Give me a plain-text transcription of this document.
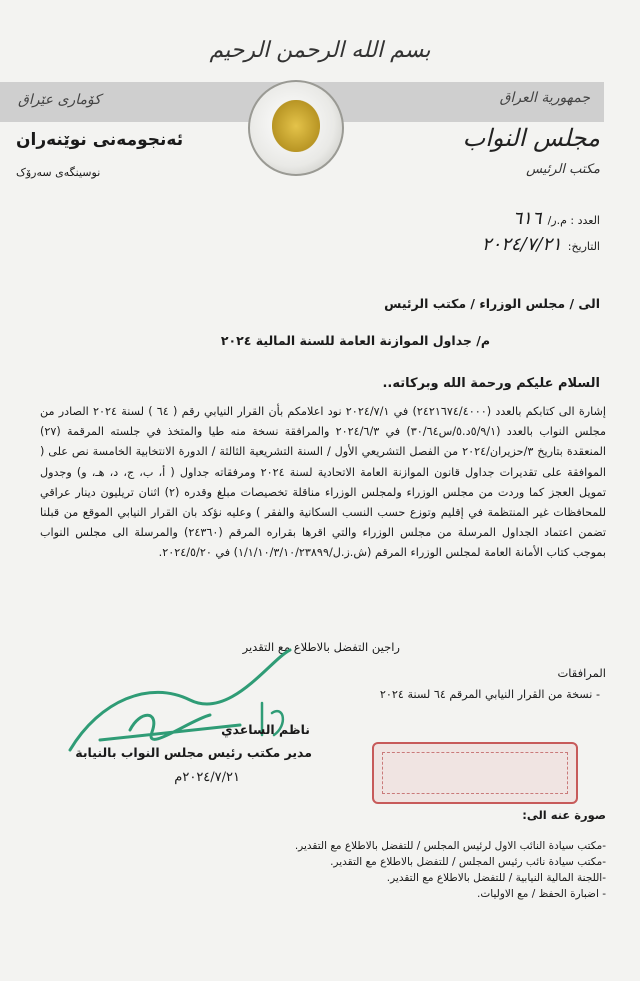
بسم الله الرحمن الرحيم
كۆماری عێراق	جمهورية العراق
ئەنجومەنی نوێنەران
نوسینگەی سەرۆک
مجلس النواب
مكتب الرئيس
العدد : م.ر/٦١٦
التاريخ:٢٠٢٤/٧/٢١
الى / مجلس الوزراء / مكتب الرئيس
م/ جداول الموازنة العامة للسنة المالية ٢٠٢٤
السلام عليكم ورحمة الله وبركاته..
إشارة الى كتابكم بالعدد (٢٤٢١٦٧٤/٤٠٠٠) في ٢٠٢٤/٧/١ نود اعلامكم بأن القرار النيابي رقم ( ٦٤ ) لسنة ٢٠٢٤ الصادر من مجلس النواب بالعدد (٥/٩/١د.٥/س٣٠/٦٤) في ٢٠٢٤/٦/٣ والمرافقة نسخة منه طيا والمتخذ في جلسته المرقمة (٢٧) المنعقدة بتاريخ ٣/حزيران/٢٠٢٤ من الفصل التشريعي الأول / السنة التشريعية الثالثة / الدورة الانتخابية الخامسة نص على ( الموافقة على تقديرات جداول قانون الموازنة العامة الاتحادية لسنة ٢٠٢٤ ومرفقاته جداول ( أ، ب، ج، د، هـ، و) وجدول تمويل العجز كما وردت من مجلس الوزراء ولمجلس الوزراء مناقلة تخصيصات مبلغ وقدره (٢) اثنان تريليون دينار عراقي للمحافظات غير المنتظمة في إقليم وتوزع حسب النسب السكانية والفقر ) وعليه نؤكد بان القرار النيابي الموقع من قبلنا تضمن اعتماد الجداول المرسلة من مجلس الوزراء والتي اقرها بقراره المرقم (٢٤٣٦٠) والمرسلة الى مجلس النواب بموجب كتاب الأمانة العامة لمجلس الوزراء المرقم (ش.ز.ل/١/١/١٠/٣/١٠/٢٣٨٩٩) في ٢٠٢٤/٥/٢٠.
راجين التفضل بالاطلاع مع التقدير
المرافقات
- نسخة من القرار النيابي المرقم ٦٤ لسنة ٢٠٢٤
ناظم الساعدي
مدير مكتب رئيس مجلس النواب بالنيابة
٢٠٢٤/٧/٢١م
صورة عنه الى:
-مكتب سيادة النائب الاول لرئيس المجلس / للتفضل بالاطلاع مع التقدير.
-مكتب سيادة نائب رئيس المجلس / للتفضل بالاطلاع مع التقدير.
-اللجنة المالية النيابية / للتفضل بالاطلاع مع التقدير.
- اضبارة الحفظ / مع الاوليات.
